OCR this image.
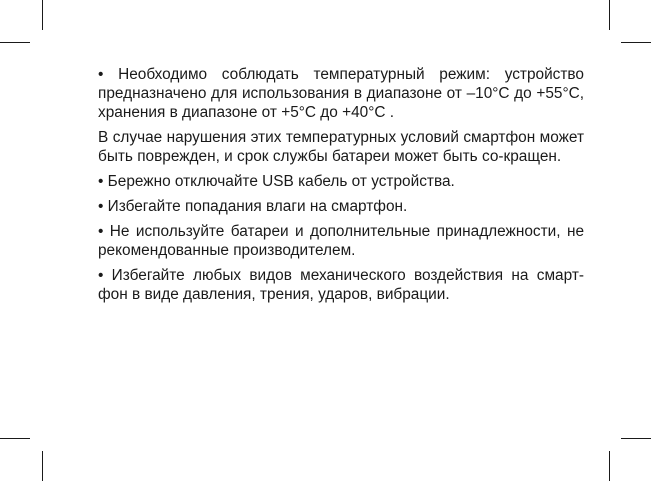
• Необходимо соблюдать температурный режим: устройство предназначено для использования в диапазоне от –10°C до +55°C, хранения в диапазоне от +5°C до +40°C .

В случае нарушения этих температурных условий смартфон может быть поврежден, и срок службы батареи может быть со-кращен.

• Бережно отключайте USB кабель от устройства.

• Избегайте попадания влаги на смартфон.

• Не используйте батареи и дополнительные принадлежности, не рекомендованные производителем.

• Избегайте любых видов механического воздействия на смарт-фон в виде давления, трения, ударов, вибрации.
